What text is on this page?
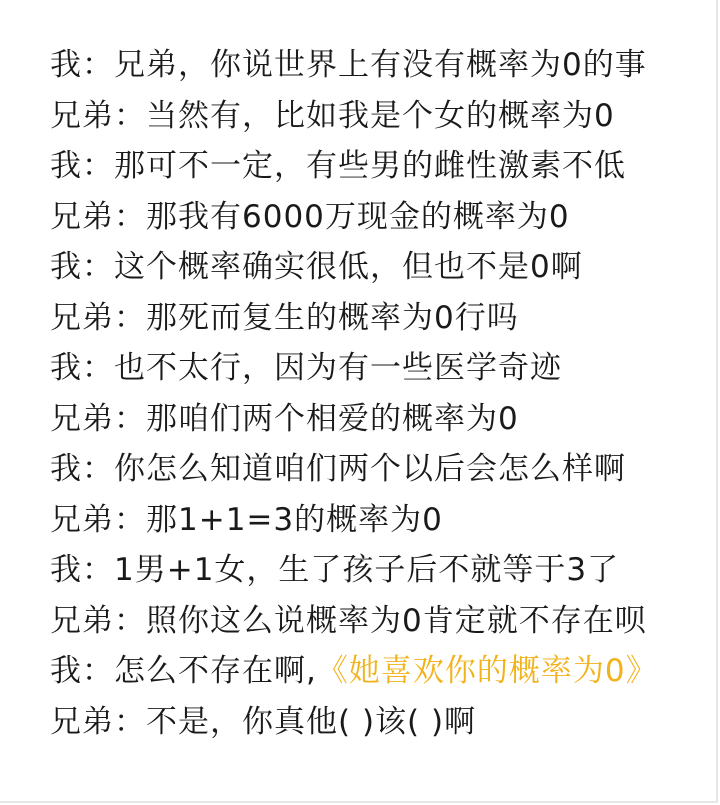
我：兄弟，你说世界上有没有概率为0的事
兄弟：当然有，比如我是个女的概率为0
我：那可不一定，有些男的雌性激素不低
兄弟：那我有6000万现金的概率为0
我：这个概率确实很低，但也不是0啊
兄弟：那死而复生的概率为0行吗
我：也不太行，因为有一些医学奇迹
兄弟：那咱们两个相爱的概率为0
我：你怎么知道咱们两个以后会怎么样啊
兄弟：那1+1=3的概率为0
我：1男+1女，生了孩子后不就等于3了
兄弟：照你这么说概率为0肯定就不存在呗
我：怎么不存在啊,《她喜欢你的概率为0》
兄弟：不是，你真他( )该( )啊
